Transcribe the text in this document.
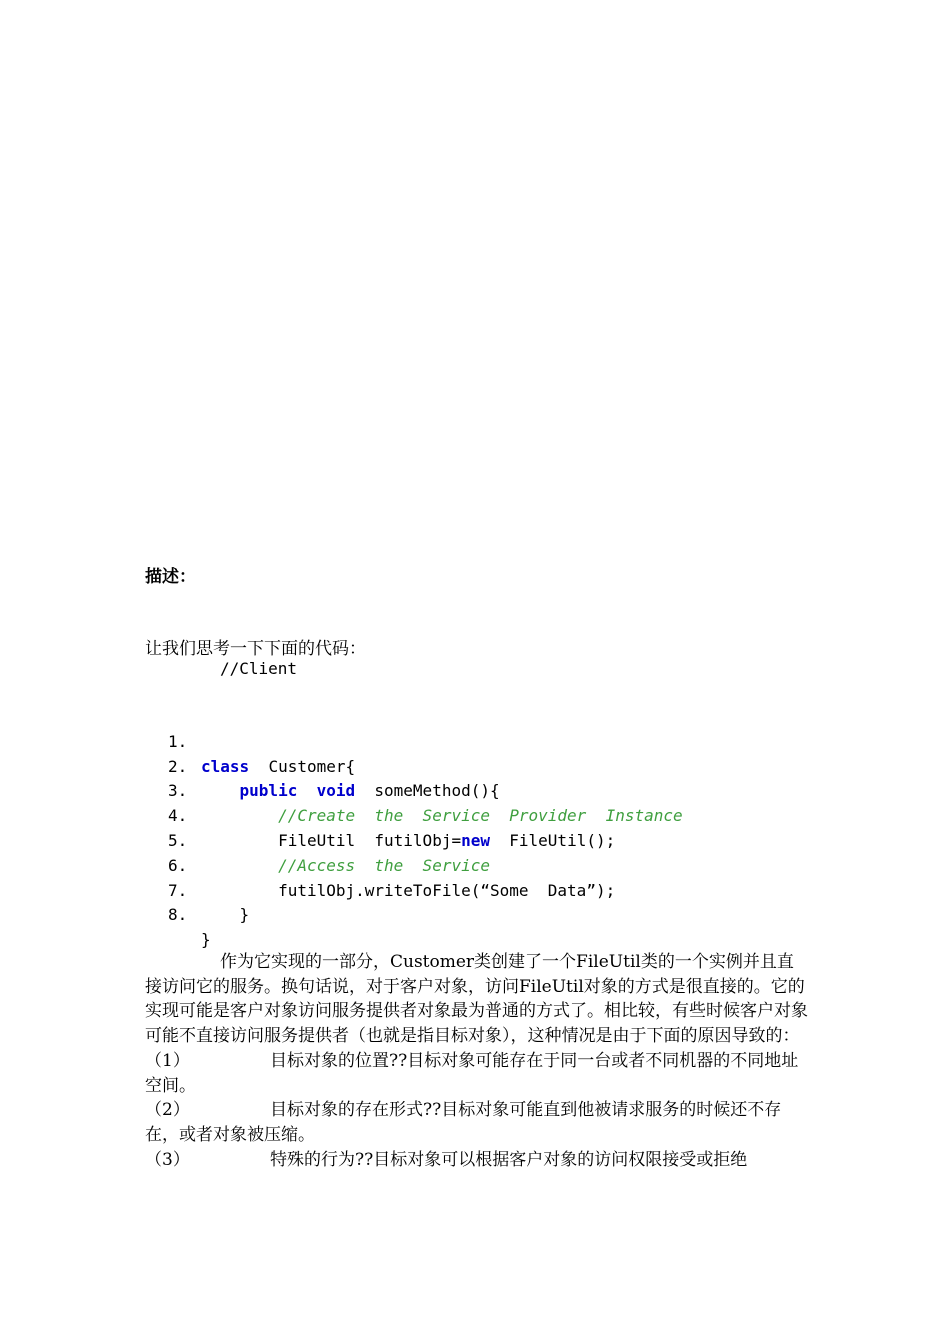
描述：
让我们思考一下下面的代码：
//Client

1.

class  Customer{

2.

public void  someMethod(){

3.

//Create  the  Service  Provider  Instance

4.

FileUtil  futilObj=new  FileUtil();

5.

//Access  the  Service

6.

futilObj.writeToFile(“Some  Data”);

7.

}

8.

}

作为它实现的一部分，Customer类创建了一个FileUtil类的一个实例并且直接访问它的服务。换句话说，对于客户对象，访问FileUtil对象的方式是很直接的。它的实现可能是客户对象访问服务提供者对象最为普通的方式了。相比较，有些时候客户对象可能不直接访问服务提供者（也就是指目标对象），这种情况是由于下面的原因导致的：

（1）	目标对象的位置??目标对象可能存在于同一台或者不同机器的不同地址空间。

（2）	目标对象的存在形式??目标对象可能直到他被请求服务的时候还不存在，或者对象被压缩。

（3）	特殊的行为??目标对象可以根据客户对象的访问权限接受或拒绝
